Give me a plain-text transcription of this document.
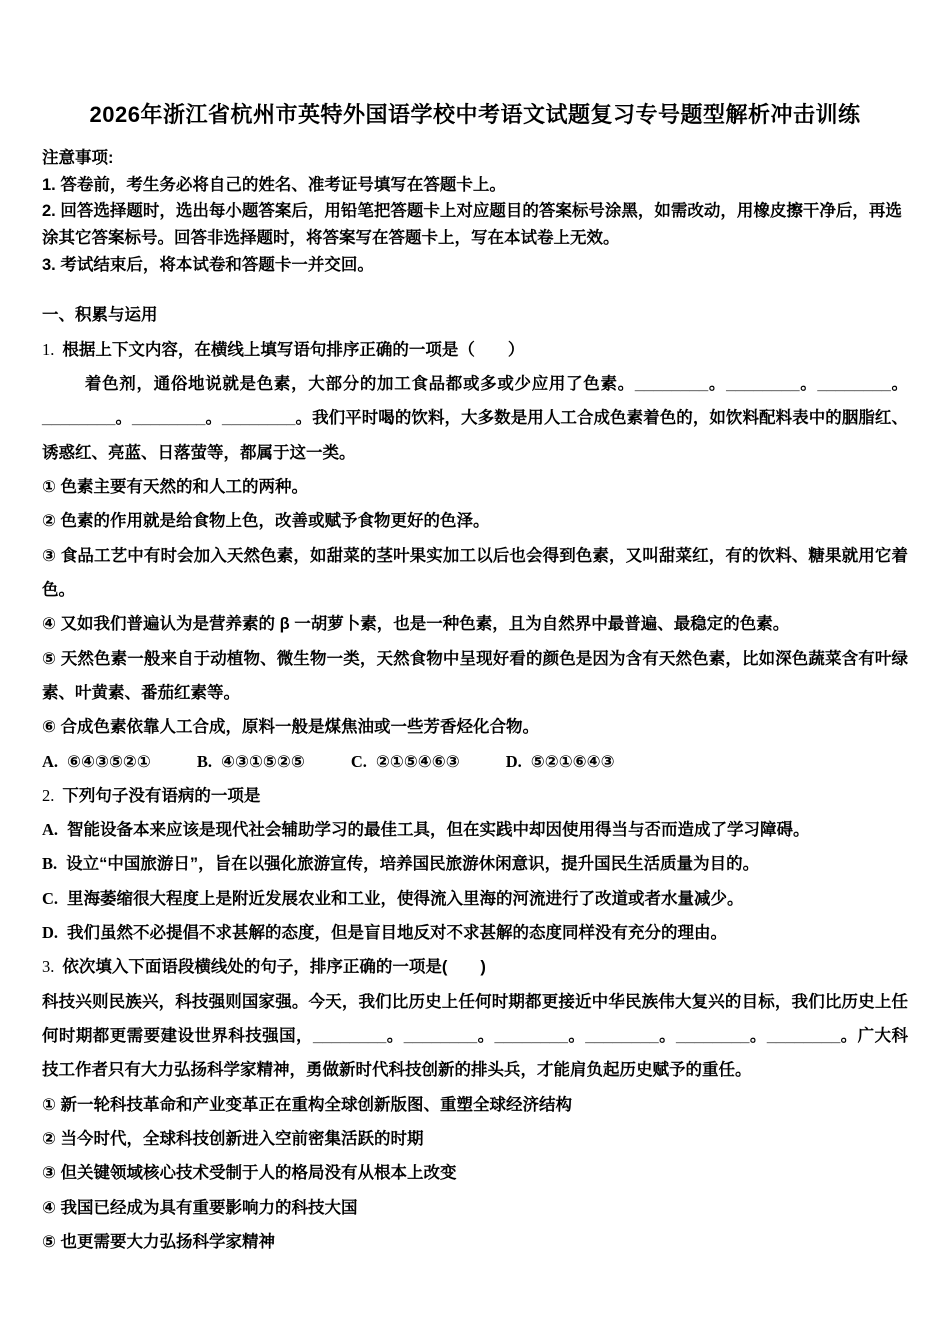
2026年浙江省杭州市英特外国语学校中考语文试题复习专号题型解析冲击训练

注意事项:

1. 答卷前，考生务必将自己的姓名、准考证号填写在答题卡上。

2. 回答选择题时，选出每小题答案后，用铅笔把答题卡上对应题目的答案标号涂黑，如需改动，用橡皮擦干净后，再选涂其它答案标号。回答非选择题时，将答案写在答题卡上，写在本试卷上无效。

3. 考试结束后，将本试卷和答题卡一并交回。

一、积累与运用

1. 根据上下文内容，在横线上填写语句排序正确的一项是（　　）

着色剂，通俗地说就是色素，大部分的加工食品都或多或少应用了色素。________。________。________。________。________。________。我们平时喝的饮料，大多数是用人工合成色素着色的，如饮料配料表中的胭脂红、诱惑红、亮蓝、日落萤等，都属于这一类。

① 色素主要有天然的和人工的两种。

② 色素的作用就是给食物上色，改善或赋予食物更好的色泽。

③ 食品工艺中有时会加入天然色素，如甜菜的茎叶果实加工以后也会得到色素，又叫甜菜红，有的饮料、糖果就用它着色。

④ 又如我们普遍认为是营养素的 β 一胡萝卜素，也是一种色素，且为自然界中最普遍、最稳定的色素。

⑤ 天然色素一般来自于动植物、微生物一类，天然食物中呈现好看的颜色是因为含有天然色素，比如深色蔬菜含有叶绿素、叶黄素、番茄红素等。

⑥ 合成色素依靠人工合成，原料一般是煤焦油或一些芳香烃化合物。

A. ⑥④③⑤②①	B. ④③①⑤②⑤	C. ②①⑤④⑥③	D. ⑤②①⑥④③

2. 下列句子没有语病的一项是

A. 智能设备本来应该是现代社会辅助学习的最佳工具，但在实践中却因使用得当与否而造成了学习障碍。

B. 设立“中国旅游日”，旨在以强化旅游宣传，培养国民旅游休闲意识，提升国民生活质量为目的。

C. 里海萎缩很大程度上是附近发展农业和工业，使得流入里海的河流进行了改道或者水量减少。

D. 我们虽然不必提倡不求甚解的态度，但是盲目地反对不求甚解的态度同样没有充分的理由。

3. 依次填入下面语段横线处的句子，排序正确的一项是(　　)

科技兴则民族兴，科技强则国家强。今天，我们比历史上任何时期都更接近中华民族伟大复兴的目标，我们比历史上任何时期都更需要建设世界科技强国，________。________。________。________。________。________。广大科技工作者只有大力弘扬科学家精神，勇做新时代科技创新的排头兵，才能肩负起历史赋予的重任。

① 新一轮科技革命和产业变革正在重构全球创新版图、重塑全球经济结构

② 当今时代，全球科技创新进入空前密集活跃的时期

③ 但关键领域核心技术受制于人的格局没有从根本上改变

④ 我国已经成为具有重要影响力的科技大国

⑤ 也更需要大力弘扬科学家精神
